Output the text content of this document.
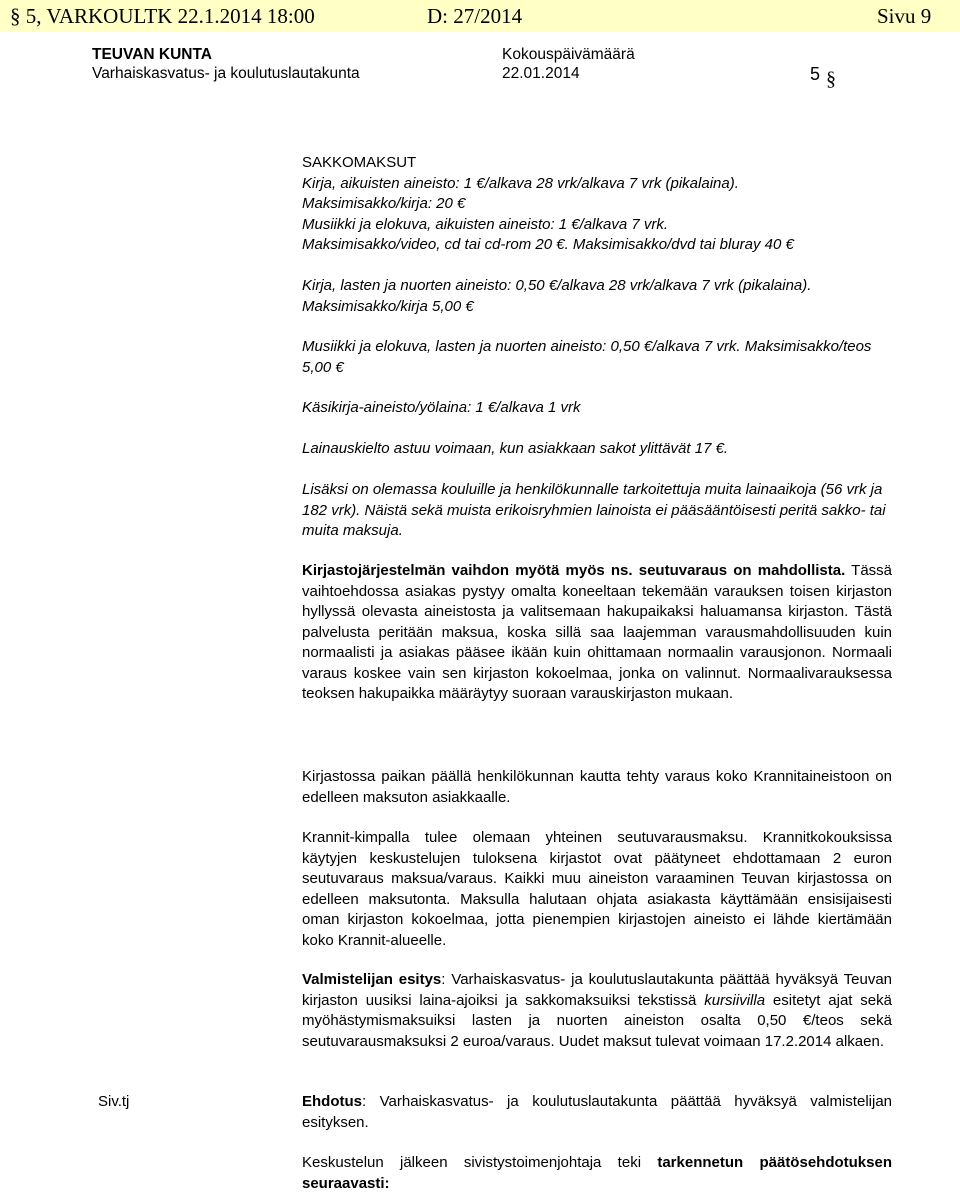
§ 5, VARKOULTK 22.1.2014 18:00	D: 27/2014	Sivu 9
TEUVAN KUNTA
Varhaiskasvatus- ja koulutuslautakunta
Kokouspäivämäärä
22.01.2014	5 §

SAKKOMAKSUT

Kirja, aikuisten aineisto: 1 €/alkava 28 vrk/alkava 7 vrk (pikalaina).

Maksimisakko/kirja: 20 €

Musiikki ja elokuva, aikuisten aineisto: 1 €/alkava 7 vrk.

Maksimisakko/video, cd tai cd-rom 20 €. Maksimisakko/dvd tai bluray 40 €

Kirja, lasten ja nuorten aineisto: 0,50 €/alkava 28 vrk/alkava 7 vrk (pikalaina). Maksimisakko/kirja 5,00 €

Musiikki ja elokuva, lasten ja nuorten aineisto: 0,50 €/alkava 7 vrk. Maksimisakko/teos 5,00 €

Käsikirja-aineisto/yölaina: 1 €/alkava 1 vrk

Lainauskielto astuu voimaan, kun asiakkaan sakot ylittävät 17 €.

Lisäksi on olemassa kouluille ja henkilökunnalle tarkoitettuja muita lainaaikoja (56 vrk ja 182 vrk). Näistä sekä muista erikoisryhmien lainoista ei pääsääntöisesti peritä sakko- tai muita maksuja.

Kirjastojärjestelmän vaihdon myötä myös ns. seutuvaraus on mahdollista. Tässä vaihtoehdossa asiakas pystyy omalta koneeltaan tekemään varauksen toisen kirjaston hyllyssä olevasta aineistosta ja valitsemaan hakupaikaksi haluamansa kirjaston. Tästä palvelusta peritään maksua, koska sillä saa laajemman varausmahdollisuuden kuin normaalisti ja asiakas pääsee ikään kuin ohittamaan normaalin varausjonon. Normaali varaus koskee vain sen kirjaston kokoelmaa, jonka on valinnut. Normaalivarauksessa teoksen hakupaikka määräytyy suoraan varauskirjaston mukaan.

Kirjastossa paikan päällä henkilökunnan kautta tehty varaus koko Krannitaineistoon on edelleen maksuton asiakkaalle.

Krannit-kimpalla tulee olemaan yhteinen seutuvarausmaksu. Krannitkokouksissa käytyjen keskustelujen tuloksena kirjastot ovat päätyneet ehdottamaan 2 euron seutuvaraus maksua/varaus. Kaikki muu aineiston varaaminen Teuvan kirjastossa on edelleen maksutonta. Maksulla halutaan ohjata asiakasta käyttämään ensisijaisesti oman kirjaston kokoelmaa, jotta pienempien kirjastojen aineisto ei lähde kiertämään koko Krannit-alueelle.

Valmistelijan esitys: Varhaiskasvatus- ja koulutuslautakunta päättää hyväksyä Teuvan kirjaston uusiksi laina-ajoiksi ja sakkomaksuiksi tekstissä kursiivilla esitetyt ajat sekä myöhästymismaksuiksi lasten ja nuorten aineiston osalta 0,50 €/teos sekä seutuvarausmaksuksi 2 euroa/varaus. Uudet maksut tulevat voimaan 17.2.2014 alkaen.

Siv.tj	Ehdotus: Varhaiskasvatus- ja koulutuslautakunta päättää hyväksyä valmistelijan esityksen.

Keskustelun jälkeen sivistystoimenjohtaja teki tarkennetun päätösehdotuksen seuraavasti:
